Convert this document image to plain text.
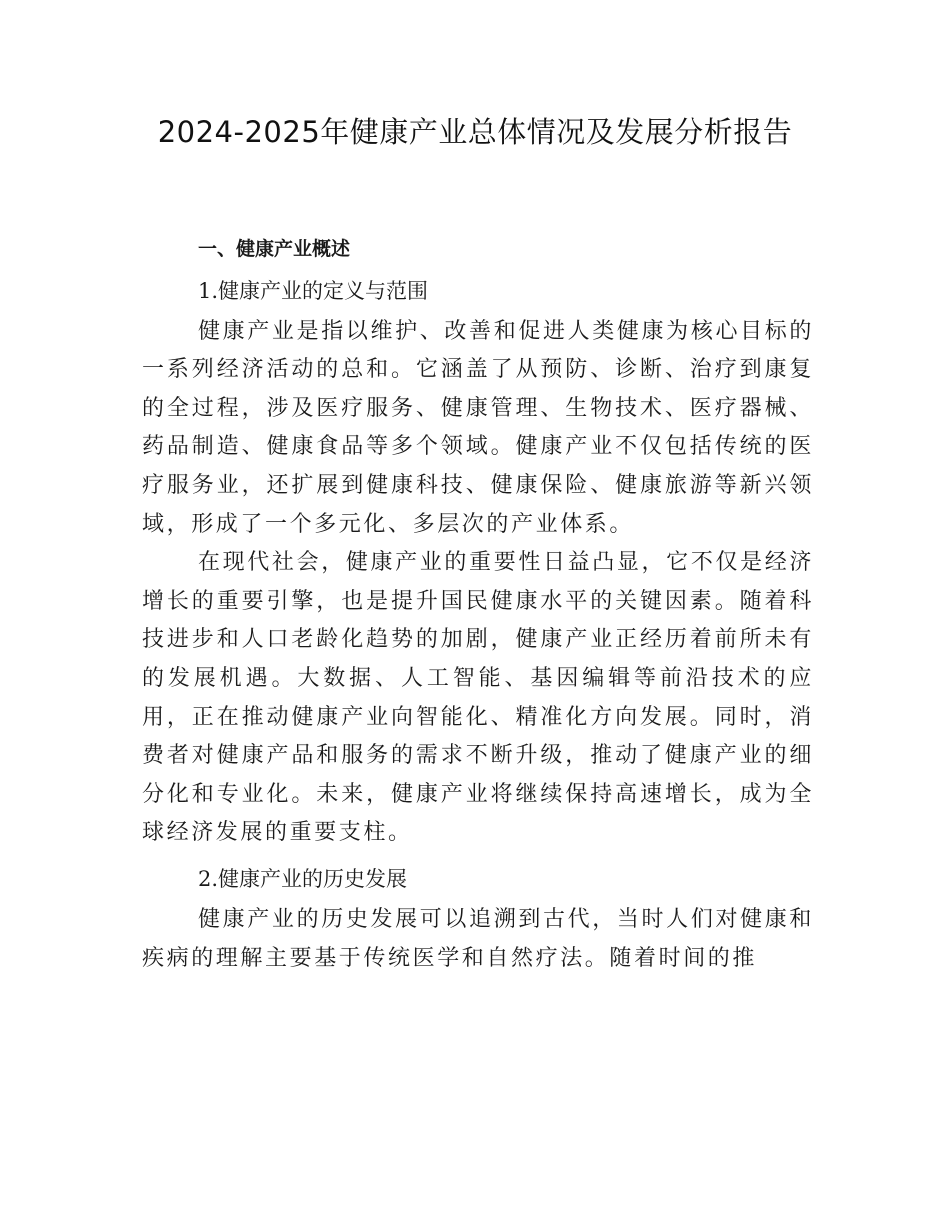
2024-2025年健康产业总体情况及发展分析报告
一、健康产业概述
1.健康产业的定义与范围

健康产业是指以维护、改善和促进人类健康为核心目标的一系列经济活动的总和。它涵盖了从预防、诊断、治疗到康复的全过程，涉及医疗服务、健康管理、生物技术、医疗器械、药品制造、健康食品等多个领域。健康产业不仅包括传统的医疗服务业，还扩展到健康科技、健康保险、健康旅游等新兴领域，形成了一个多元化、多层次的产业体系。

在现代社会，健康产业的重要性日益凸显，它不仅是经济增长的重要引擎，也是提升国民健康水平的关键因素。随着科技进步和人口老龄化趋势的加剧，健康产业正经历着前所未有的发展机遇。大数据、人工智能、基因编辑等前沿技术的应用，正在推动健康产业向智能化、精准化方向发展。同时，消费者对健康产品和服务的需求不断升级，推动了健康产业的细分化和专业化。未来，健康产业将继续保持高速增长，成为全球经济发展的重要支柱。

2.健康产业的历史发展

健康产业的历史发展可以追溯到古代，当时人们对健康和疾病的理解主要基于传统医学和自然疗法。随着时间的推
